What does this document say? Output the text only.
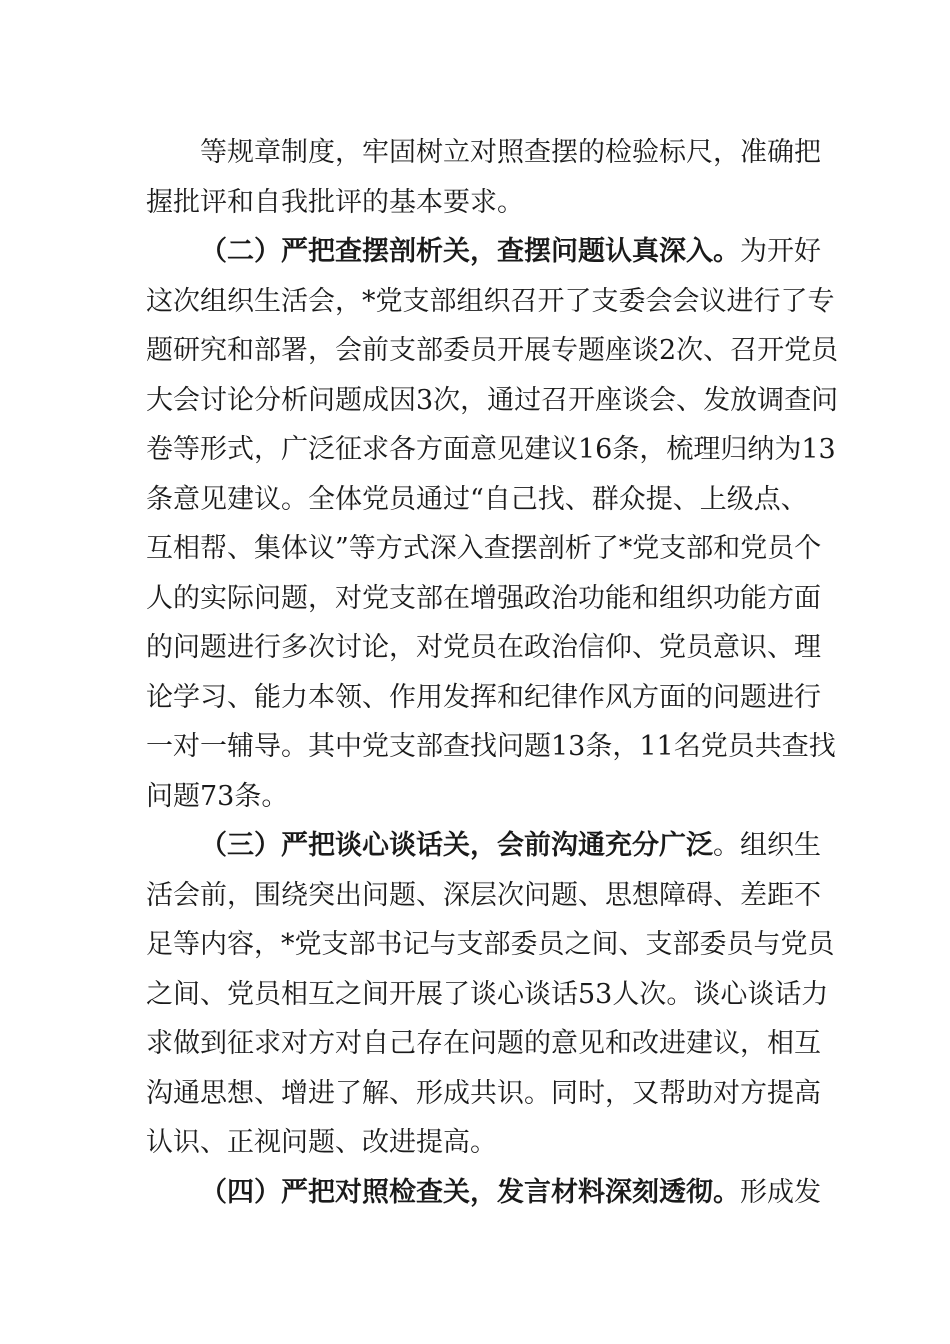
等规章制度，牢固树立对照查摆的检验标尺，准确把
握批评和自我批评的基本要求。
（二）严把查摆剖析关，查摆问题认真深入。为开好
这次组织生活会，*党支部组织召开了支委会会议进行了专
题研究和部署，会前支部委员开展专题座谈2次、召开党员
大会讨论分析问题成因3次，通过召开座谈会、发放调查问
卷等形式，广泛征求各方面意见建议16条，梳理归纳为13
条意见建议。全体党员通过“自己找、群众提、上级点、
互相帮、集体议”等方式深入查摆剖析了*党支部和党员个
人的实际问题，对党支部在增强政治功能和组织功能方面
的问题进行多次讨论，对党员在政治信仰、党员意识、理
论学习、能力本领、作用发挥和纪律作风方面的问题进行
一对一辅导。其中党支部查找问题13条，11名党员共查找
问题73条。
（三）严把谈心谈话关，会前沟通充分广泛。组织生
活会前，围绕突出问题、深层次问题、思想障碍、差距不
足等内容，*党支部书记与支部委员之间、支部委员与党员
之间、党员相互之间开展了谈心谈话53人次。谈心谈话力
求做到征求对方对自己存在问题的意见和改进建议，相互
沟通思想、增进了解、形成共识。同时，又帮助对方提高
认识、正视问题、改进提高。
（四）严把对照检查关，发言材料深刻透彻。形成发
